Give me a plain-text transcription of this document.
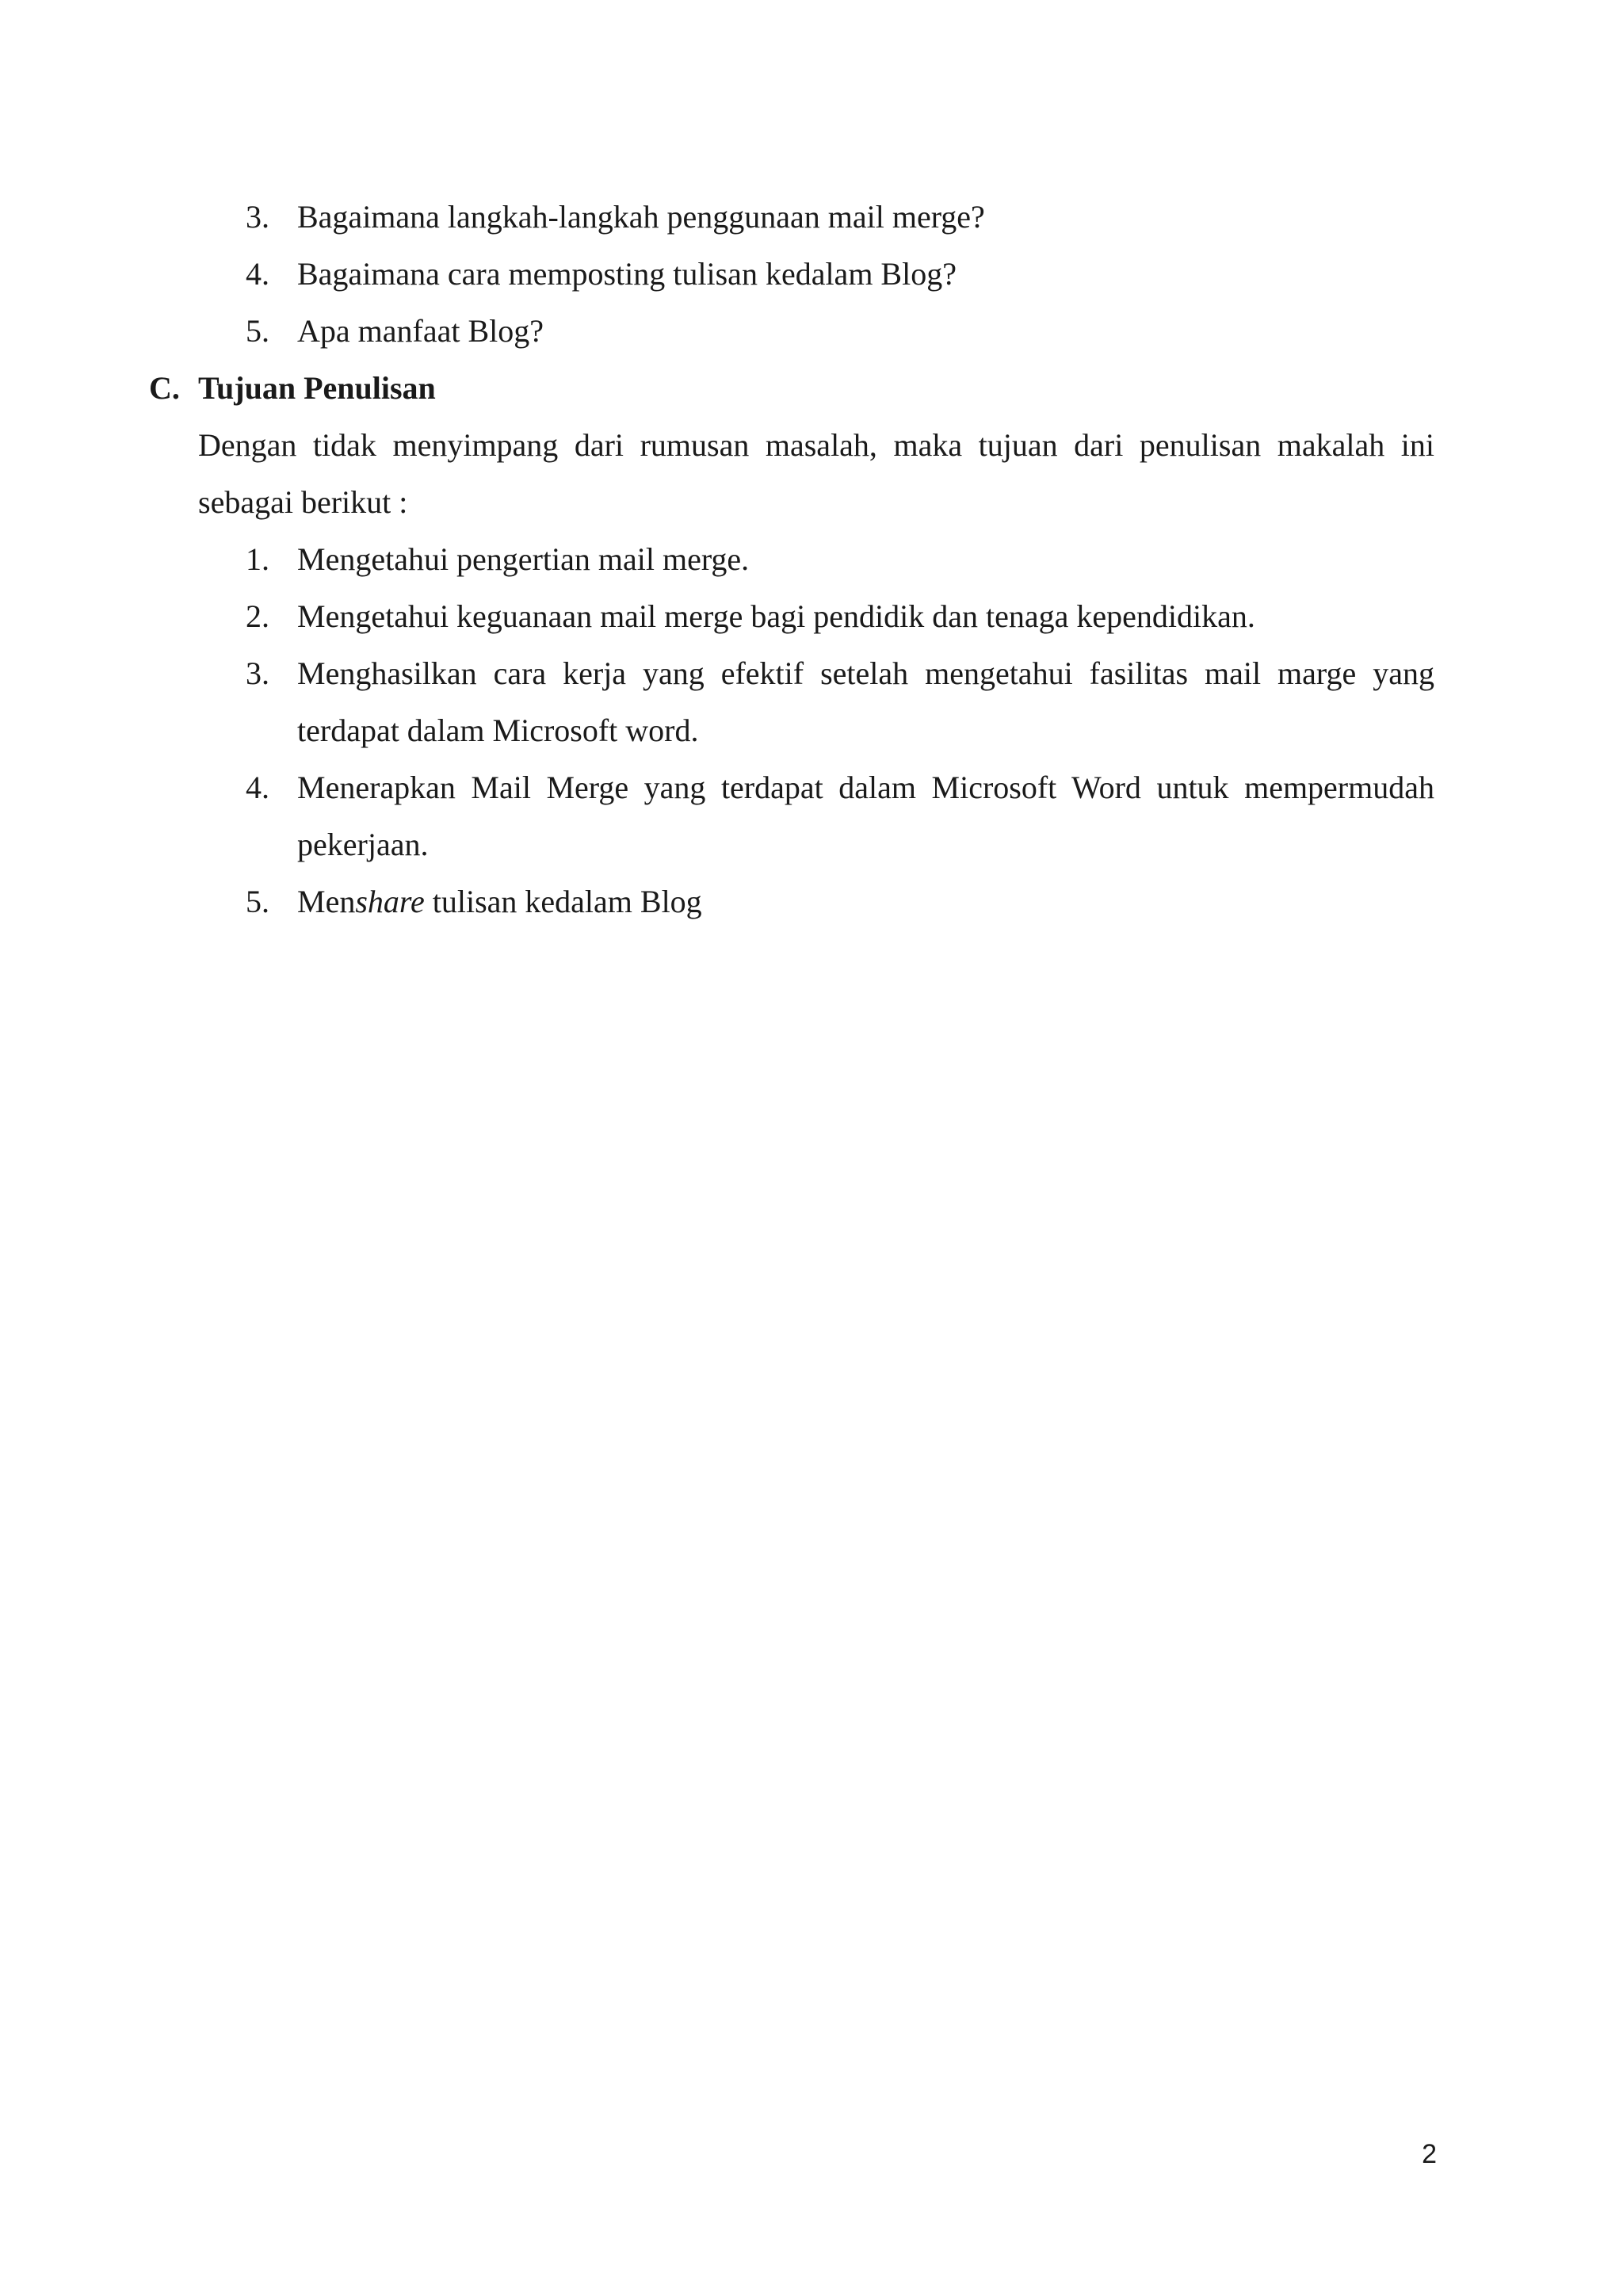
3. Bagaimana langkah-langkah penggunaan mail merge?
4. Bagaimana cara memposting tulisan kedalam Blog?
5. Apa manfaat Blog?
C. Tujuan Penulisan
Dengan tidak menyimpang dari rumusan masalah, maka tujuan dari penulisan makalah ini
sebagai berikut :
1. Mengetahui pengertian mail merge.
2. Mengetahui keguanaan mail merge bagi pendidik dan tenaga kependidikan.
3. Menghasilkan cara kerja yang efektif setelah mengetahui fasilitas mail marge yang
terdapat dalam Microsoft word.
4. Menerapkan Mail Merge yang terdapat dalam Microsoft Word untuk mempermudah
pekerjaan.
5. Menshare tulisan kedalam Blog
2
